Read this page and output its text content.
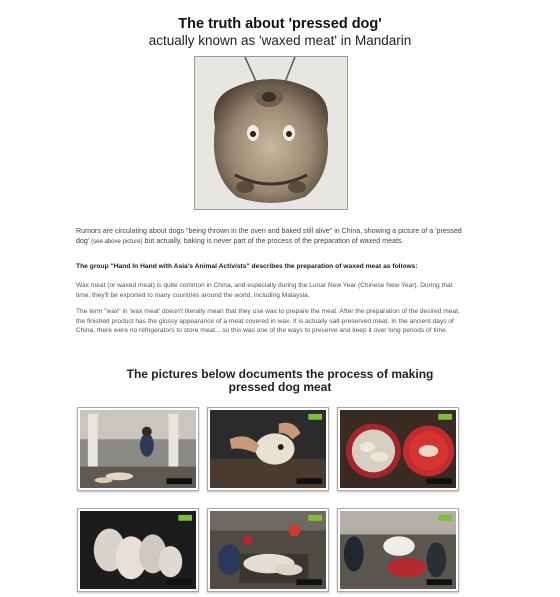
The truth about 'pressed dog'
actually known as 'waxed meat' in Mandarin
Rumors are circulating about dogs "being thrown in the oven and baked still alive" in China, showing a picture of a 'pressed dog' (see above picture) but actually, baking is never part of the process of the preparation of waxed meats.
The group "Hand In Hand with Asia's Animal Activists" describes the preparation of waxed meat as follows:
Wax meat (or waxed meat) is quite common in China, and especially during the Lunar New Year (Chinese New Year). During that time, they'll be exported to many countries around the world, including Malaysia.
The term "wax" in 'wax meat' doesn't literally mean that they use wax to prepare the meat. After the preparation of the desired meat, the finished product has the glossy appearance of a meat covered in wax. It is actually salt-preserved meat. In the ancient days of China, there were no refrigerators to store meat... so this was one of the ways to preserve and keep it over long periods of time.
The pictures below documents the process of making
pressed dog meat
